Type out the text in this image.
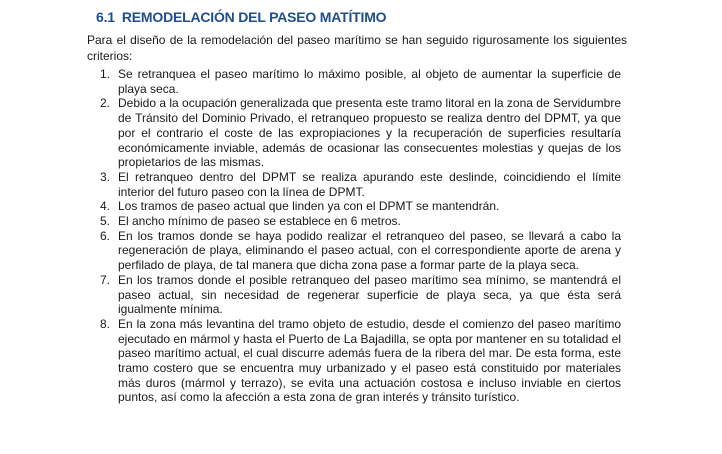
6.1 REMODELACIÓN DEL PASEO MATÍTIMO
Para el diseño de la remodelación del paseo marítimo se han seguido rigurosamente los siguientes criterios:
1. Se retranquea el paseo marítimo lo máximo posible, al objeto de aumentar la superficie de playa seca.
2. Debido a la ocupación generalizada que presenta este tramo litoral en la zona de Servidumbre de Tránsito del Dominio Privado, el retranqueo propuesto se realiza dentro del DPMT, ya que por el contrario el coste de las expropiaciones y la recuperación de superficies resultaría económicamente inviable, además de ocasionar las consecuentes molestias y quejas de los propietarios de las mismas.
3. El retranqueo dentro del DPMT se realiza apurando este deslinde, coincidiendo el límite interior del futuro paseo con la línea de DPMT.
4. Los tramos de paseo actual que linden ya con el DPMT se mantendrán.
5. El ancho mínimo de paseo se establece en 6 metros.
6. En los tramos donde se haya podido realizar el retranqueo del paseo, se llevará a cabo la regeneración de playa, eliminando el paseo actual, con el correspondiente aporte de arena y perfilado de playa, de tal manera que dicha zona pase a formar parte de la playa seca.
7. En los tramos donde el posible retranqueo del paseo marítimo sea mínimo, se mantendrá el paseo actual, sin necesidad de regenerar superficie de playa seca, ya que ésta será igualmente mínima.
8. En la zona más levantina del tramo objeto de estudio, desde el comienzo del paseo marítimo ejecutado en mármol y hasta el Puerto de La Bajadilla, se opta por mantener en su totalidad el paseo marítimo actual, el cual discurre además fuera de la ribera del mar. De esta forma, este tramo costero que se encuentra muy urbanizado y el paseo está constituido por materiales más duros (mármol y terrazo), se evita una actuación costosa e incluso inviable en ciertos puntos, así como la afección a esta zona de gran interés y tránsito turístico.
